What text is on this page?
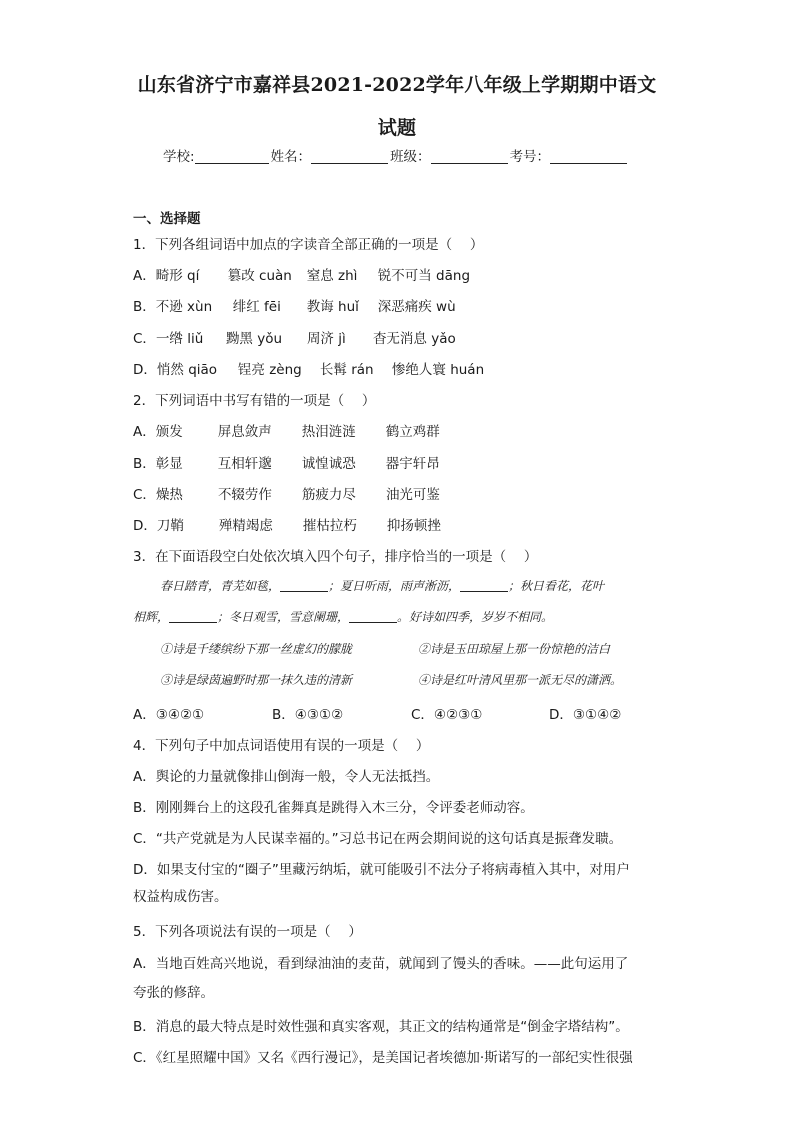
山东省济宁市嘉祥县2021-2022学年八年级上学期期中语文
试题
学校:	姓名：	班级：	考号：
一、选择题
1．下列各组词语中加点的字读音全部正确的一项是（　 ）
A．畸形 qí 篡改 cuàn 窒息 zhì 锐不可当 dāng
B．不逊 xùn 绯红 fēi 教诲 huǐ 深恶痛疾 wù
C．一绺 liǔ 黝黑 yǒu 周济 jì 杳无消息 yǎo
D．悄然 qiāo 锃亮 zèng 长髯 rán 惨绝人寰 huán
2．下列词语中书写有错的一项是（　 ）
A．颁发	屏息敛声 热泪涟涟 鹤立鸡群
B．彰显	互相轩邈 诚惶诚恐 器宇轩昂
C．燥热	不辍劳作 筋疲力尽 油光可鉴
D．刀鞘	殚精竭虑 摧枯拉朽 抑扬顿挫
3．在下面语段空白处依次填入四个句子，排序恰当的一项是（　 ）
春日踏青，青芜如毯，	；夏日听雨，雨声淅沥，	；秋日看花，花叶
相辉，	；冬日观雪，雪意阑珊，	。好诗如四季，岁岁不相同。
①诗是千缕缤纷下那一丝虚幻的朦胧	②诗是玉田琼屋上那一份惊艳的洁白
③诗是绿茵遍野时那一抹久违的清新	④诗是红叶清风里那一派无尽的潇洒。
A．③④②①	B．④③①②	C．④②③①	D．③①④②
4．下列句子中加点词语使用有误的一项是（　 ）
A．舆论的力量就像排山倒海一般，令人无法抵挡。
B．刚刚舞台上的这段孔雀舞真是跳得入木三分，令评委老师动容。
C．“共产党就是为人民谋幸福的。”习总书记在两会期间说的这句话真是振聋发聩。
D．如果支付宝的“圈子”里藏污纳垢，就可能吸引不法分子将病毒植入其中，对用户
权益构成伤害。
5．下列各项说法有误的一项是（　 ）
A．当地百姓高兴地说，看到绿油油的麦苗，就闻到了馒头的香味。——此句运用了
夸张的修辞。
B．消息的最大特点是时效性强和真实客观，其正文的结构通常是“倒金字塔结构”。
C．《红星照耀中国》又名《西行漫记》，是美国记者埃德加·斯诺写的一部纪实性很强
